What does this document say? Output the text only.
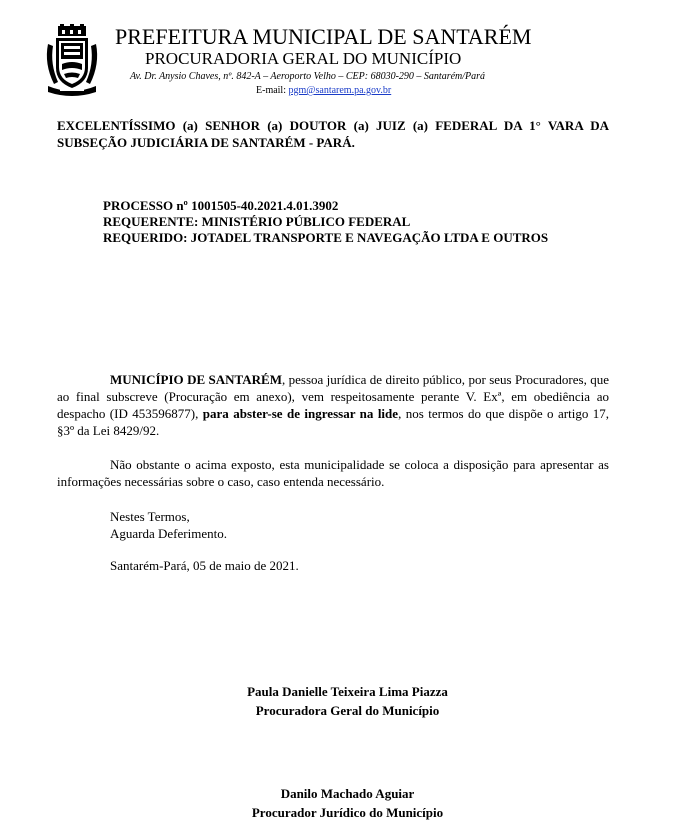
PREFEITURA MUNICIPAL DE SANTARÉM
PROCURADORIA GERAL DO MUNICÍPIO
Av. Dr. Anysio Chaves, nº. 842-A – Aeroporto Velho – CEP: 68030-290 – Santarém/Pará
E-mail: pgm@santarem.pa.gov.br
EXCELENTÍSSIMO (a) SENHOR (a) DOUTOR (a) JUIZ (a) FEDERAL DA 1° VARA DA SUBSEÇÃO JUDICIÁRIA DE SANTARÉM - PARÁ.
PROCESSO nº 1001505-40.2021.4.01.3902
REQUERENTE: MINISTÉRIO PÚBLICO FEDERAL
REQUERIDO: JOTADEL TRANSPORTE E NAVEGAÇÃO LTDA E OUTROS
MUNICÍPIO DE SANTARÉM, pessoa jurídica de direito público, por seus Procuradores, que ao final subscreve (Procuração em anexo), vem respeitosamente perante V. Exª, em obediência ao despacho (ID 453596877), para abster-se de ingressar na lide, nos termos do que dispõe o artigo 17, §3º da Lei 8429/92.
Não obstante o acima exposto, esta municipalidade se coloca a disposição para apresentar as informações necessárias sobre o caso, caso entenda necessário.
Nestes Termos,
Aguarda Deferimento.
Santarém-Pará, 05 de maio de 2021.
Paula Danielle Teixeira Lima Piazza
Procuradora Geral do Município
Danilo Machado Aguiar
Procurador Jurídico do Município
